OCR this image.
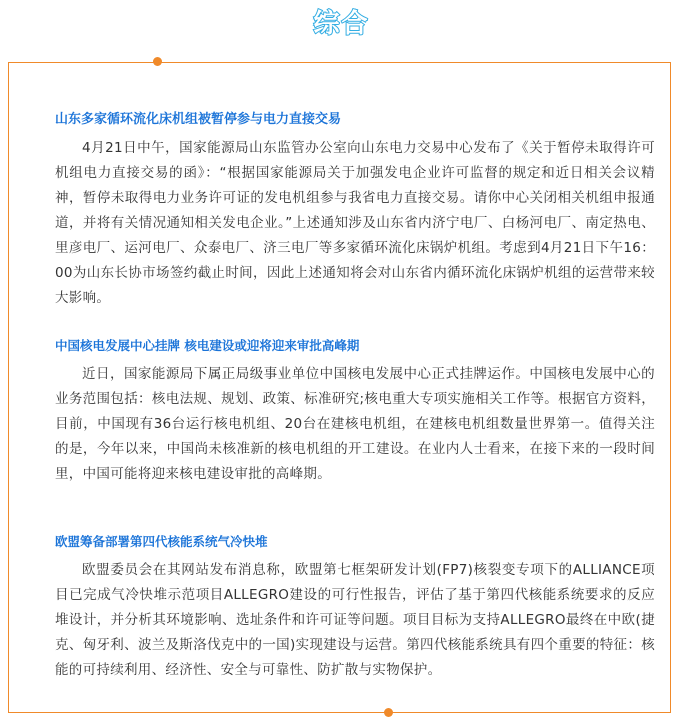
综合
山东多家循环流化床机组被暂停参与电力直接交易
4月21日中午，国家能源局山东监管办公室向山东电力交易中心发布了《关于暂停未取得许可机组电力直接交易的函》：“根据国家能源局关于加强发电企业许可监督的规定和近日相关会议精神，暂停未取得电力业务许可证的发电机组参与我省电力直接交易。请你中心关闭相关机组申报通道，并将有关情况通知相关发电企业。”上述通知涉及山东省内济宁电厂、白杨河电厂、南定热电、里彦电厂、运河电厂、众泰电厂、济三电厂等多家循环流化床锅炉机组。考虑到4月21日下午16：00为山东长协市场签约截止时间，因此上述通知将会对山东省内循环流化床锅炉机组的运营带来较大影响。
中国核电发展中心挂牌 核电建设或迎将迎来审批高峰期
近日，国家能源局下属正局级事业单位中国核电发展中心正式挂牌运作。中国核电发展中心的业务范围包括：核电法规、规划、政策、标准研究;核电重大专项实施相关工作等。根据官方资料，目前，中国现有36台运行核电机组、20台在建核电机组，在建核电机组数量世界第一。值得关注的是，今年以来，中国尚未核准新的核电机组的开工建设。在业内人士看来，在接下来的一段时间里，中国可能将迎来核电建设审批的高峰期。
欧盟筹备部署第四代核能系统气冷快堆
欧盟委员会在其网站发布消息称，欧盟第七框架研发计划(FP7)核裂变专项下的ALLIANCE项目已完成气冷快堆示范项目ALLEGRO建设的可行性报告，评估了基于第四代核能系统要求的反应堆设计，并分析其环境影响、选址条件和许可证等问题。项目目标为支持ALLEGRO最终在中欧(捷克、匈牙利、波兰及斯洛伐克中的一国)实现建设与运营。第四代核能系统具有四个重要的特征：核能的可持续利用、经济性、安全与可靠性、防扩散与实物保护。
